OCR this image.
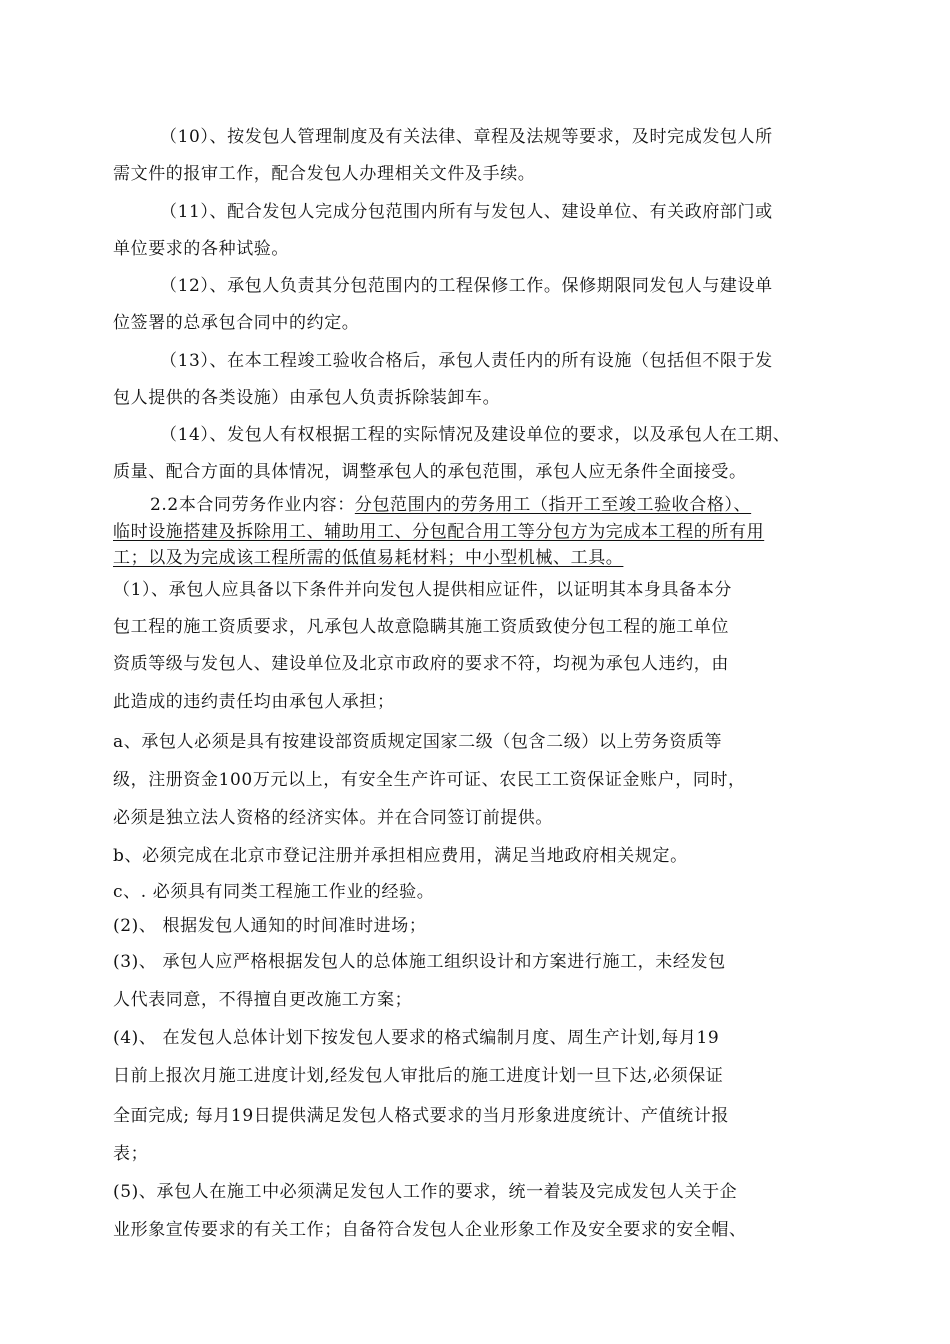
（10）、按发包人管理制度及有关法律、章程及法规等要求，及时完成发包人所
需文件的报审工作，配合发包人办理相关文件及手续。
（11）、配合发包人完成分包范围内所有与发包人、建设单位、有关政府部门或
单位要求的各种试验。
（12）、承包人负责其分包范围内的工程保修工作。保修期限同发包人与建设单
位签署的总承包合同中的约定。
（13）、在本工程竣工验收合格后，承包人责任内的所有设施（包括但不限于发
包人提供的各类设施）由承包人负责拆除装卸车。
（14）、发包人有权根据工程的实际情况及建设单位的要求，以及承包人在工期、
质量、配合方面的具体情况，调整承包人的承包范围，承包人应无条件全面接受。
2.2本合同劳务作业内容：分包范围内的劳务用工（指开工至竣工验收合格）、
临时设施搭建及拆除用工、辅助用工、分包配合用工等分包方为完成本工程的所有用
工；以及为完成该工程所需的低值易耗材料；中小型机械、工具。
（1）、承包人应具备以下条件并向发包人提供相应证件，以证明其本身具备本分
包工程的施工资质要求，凡承包人故意隐瞒其施工资质致使分包工程的施工单位
资质等级与发包人、建设单位及北京市政府的要求不符，均视为承包人违约，由
此造成的违约责任均由承包人承担；
a、承包人必须是具有按建设部资质规定国家二级（包含二级）以上劳务资质等
级，注册资金100万元以上，有安全生产许可证、农民工工资保证金账户，同时，
必须是独立法人资格的经济实体。并在合同签订前提供。
b、必须完成在北京市登记注册并承担相应费用，满足当地政府相关规定。
c、. 必须具有同类工程施工作业的经验。
(2)、 根据发包人通知的时间准时进场；
(3)、 承包人应严格根据发包人的总体施工组织设计和方案进行施工，未经发包
人代表同意，不得擅自更改施工方案；
(4)、 在发包人总体计划下按发包人要求的格式编制月度、周生产计划,每月19
日前上报次月施工进度计划,经发包人审批后的施工进度计划一旦下达,必须保证
全面完成; 每月19日提供满足发包人格式要求的当月形象进度统计、产值统计报
表；
(5)、承包人在施工中必须满足发包人工作的要求，统一着装及完成发包人关于企
业形象宣传要求的有关工作；自备符合发包人企业形象工作及安全要求的安全帽、
